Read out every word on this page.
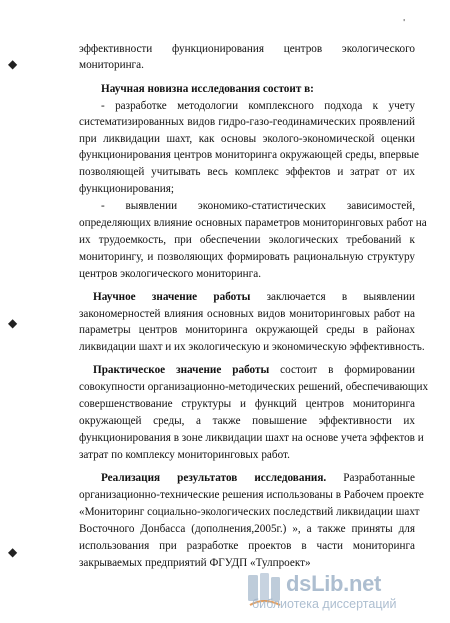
'
◆
◆
◆
эффективности функционирования центров экологического
мониторинга.
Научная новизна исследования состоит в:
- разработке методологии комплексного подхода к учету
систематизированных видов гидро-газо-геодинамических проявлений
при ликвидации шахт, как основы эколого-экономической оценки
функционирования центров мониторинга окружающей среды, впервые
позволяющей учитывать весь комплекс эффектов и затрат от их
функционирования;
- выявлении экономико-статистических зависимостей,
определяющих влияние основных параметров мониторинговых работ на
их трудоемкость, при обеспечении экологических требований к
мониторингу, и позволяющих формировать рациональную структуру
центров экологического мониторинга.
Научное значение работы заключается в выявлении
закономерностей влияния основных видов мониторинговых работ на
параметры центров мониторинга окружающей среды в районах
ликвидации шахт и их экологическую и экономическую эффективность.
Практическое значение работы состоит в формировании
совокупности организационно-методических решений, обеспечивающих
совершенствование структуры и функций центров мониторинга
окружающей среды, а также повышение эффективности их
функционирования в зоне ликвидации шахт на основе учета эффектов и
затрат по комплексу мониторинговых работ.
Реализация результатов исследования. Разработанные
организационно-технические решения использованы в Рабочем проекте
«Мониторинг социально-экологических последствий ликвидации шахт
Восточного Донбасса (дополнения,2005г.) », а также приняты для
использования при разработке проектов в части мониторинга
закрываемых предприятий ФГУДП «Тулпроект»
dsLib.net
библиотека диссертаций
